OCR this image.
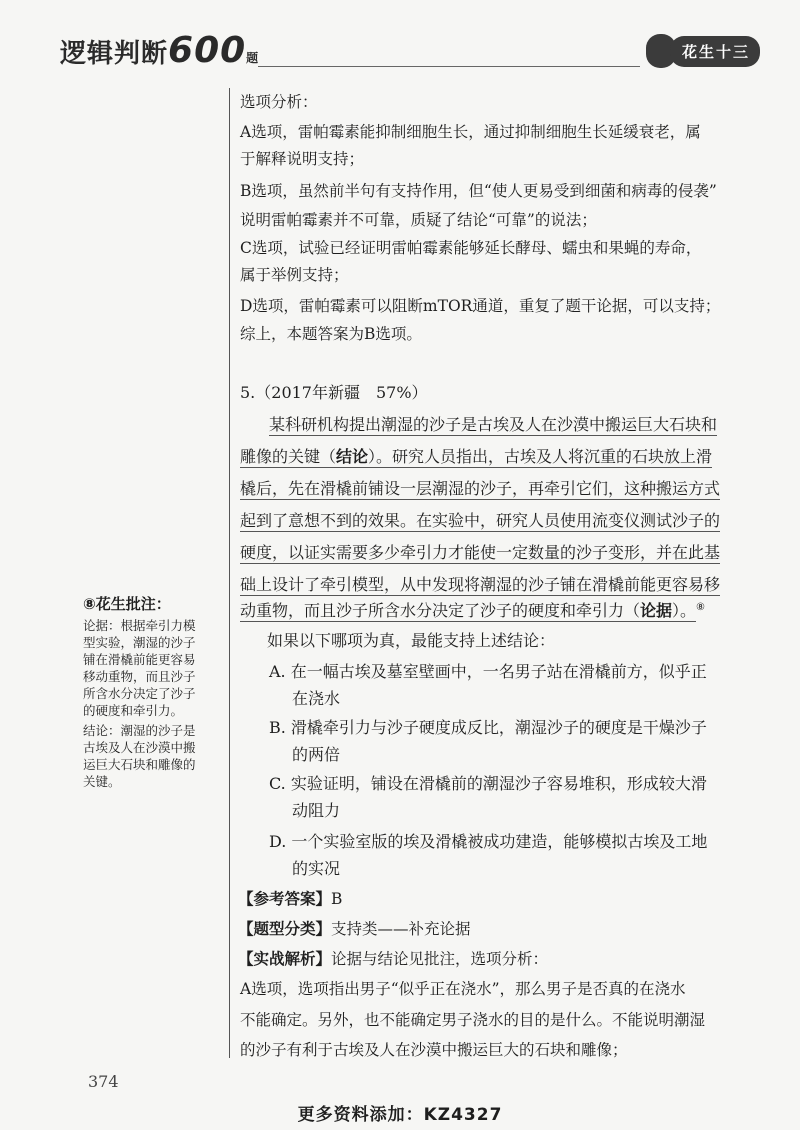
逻辑判断600题	花生十三
选项分析：
A选项，雷帕霉素能抑制细胞生长，通过抑制细胞生长延缓衰老，属
于解释说明支持；
B选项，虽然前半句有支持作用，但“使人更易受到细菌和病毒的侵袭”
说明雷帕霉素并不可靠，质疑了结论“可靠”的说法；
C选项，试验已经证明雷帕霉素能够延长酵母、蠕虫和果蝇的寿命，
属于举例支持；
D选项，雷帕霉素可以阻断mTOR通道，重复了题干论据，可以支持；
综上，本题答案为B选项。
5.（2017年新疆　57%）
某科研机构提出潮湿的沙子是古埃及人在沙漠中搬运巨大石块和
雕像的关键（结论）。研究人员指出，古埃及人将沉重的石块放上滑
橇后，先在滑橇前铺设一层潮湿的沙子，再牵引它们，这种搬运方式
起到了意想不到的效果。在实验中，研究人员使用流变仪测试沙子的
硬度，以证实需要多少牵引力才能使一定数量的沙子变形，并在此基
础上设计了牵引模型，从中发现将潮湿的沙子铺在滑橇前能更容易移
动重物，而且沙子所含水分决定了沙子的硬度和牵引力（论据）。⑧
如果以下哪项为真，最能支持上述结论：
A. 在一幅古埃及墓室壁画中，一名男子站在滑橇前方，似乎正
在浇水
B. 滑橇牵引力与沙子硬度成反比，潮湿沙子的硬度是干燥沙子
的两倍
C. 实验证明，铺设在滑橇前的潮湿沙子容易堆积，形成较大滑
动阻力
D. 一个实验室版的埃及滑橇被成功建造，能够模拟古埃及工地
的实况
【参考答案】B
【题型分类】支持类——补充论据
【实战解析】论据与结论见批注，选项分析：
A选项，选项指出男子“似乎正在浇水”，那么男子是否真的在浇水
不能确定。另外，也不能确定男子浇水的目的是什么。不能说明潮湿
的沙子有利于古埃及人在沙漠中搬运巨大的石块和雕像；
⑧花生批注：
论据：根据牵引力模
型实验，潮湿的沙子
铺在滑橇前能更容易
移动重物，而且沙子
所含水分决定了沙子
的硬度和牵引力。
结论：潮湿的沙子是
古埃及人在沙漠中搬
运巨大石块和雕像的
关键。
374
更多资料添加：KZ4327
